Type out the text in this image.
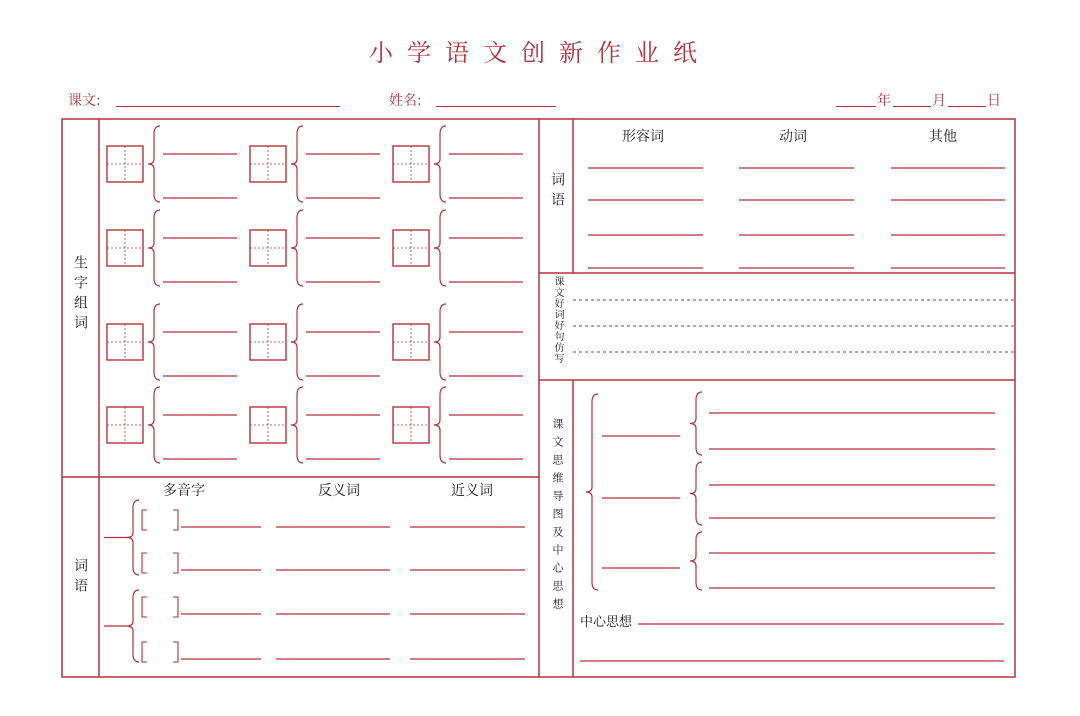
小学语文创新作业纸
课文:	姓名:	年	月	日
生字组词
词语
多音字	反义词	近义词
词语
形容词	动词	其他
课文好词好句仿写
课文思维导图及中心思想
中心思想
